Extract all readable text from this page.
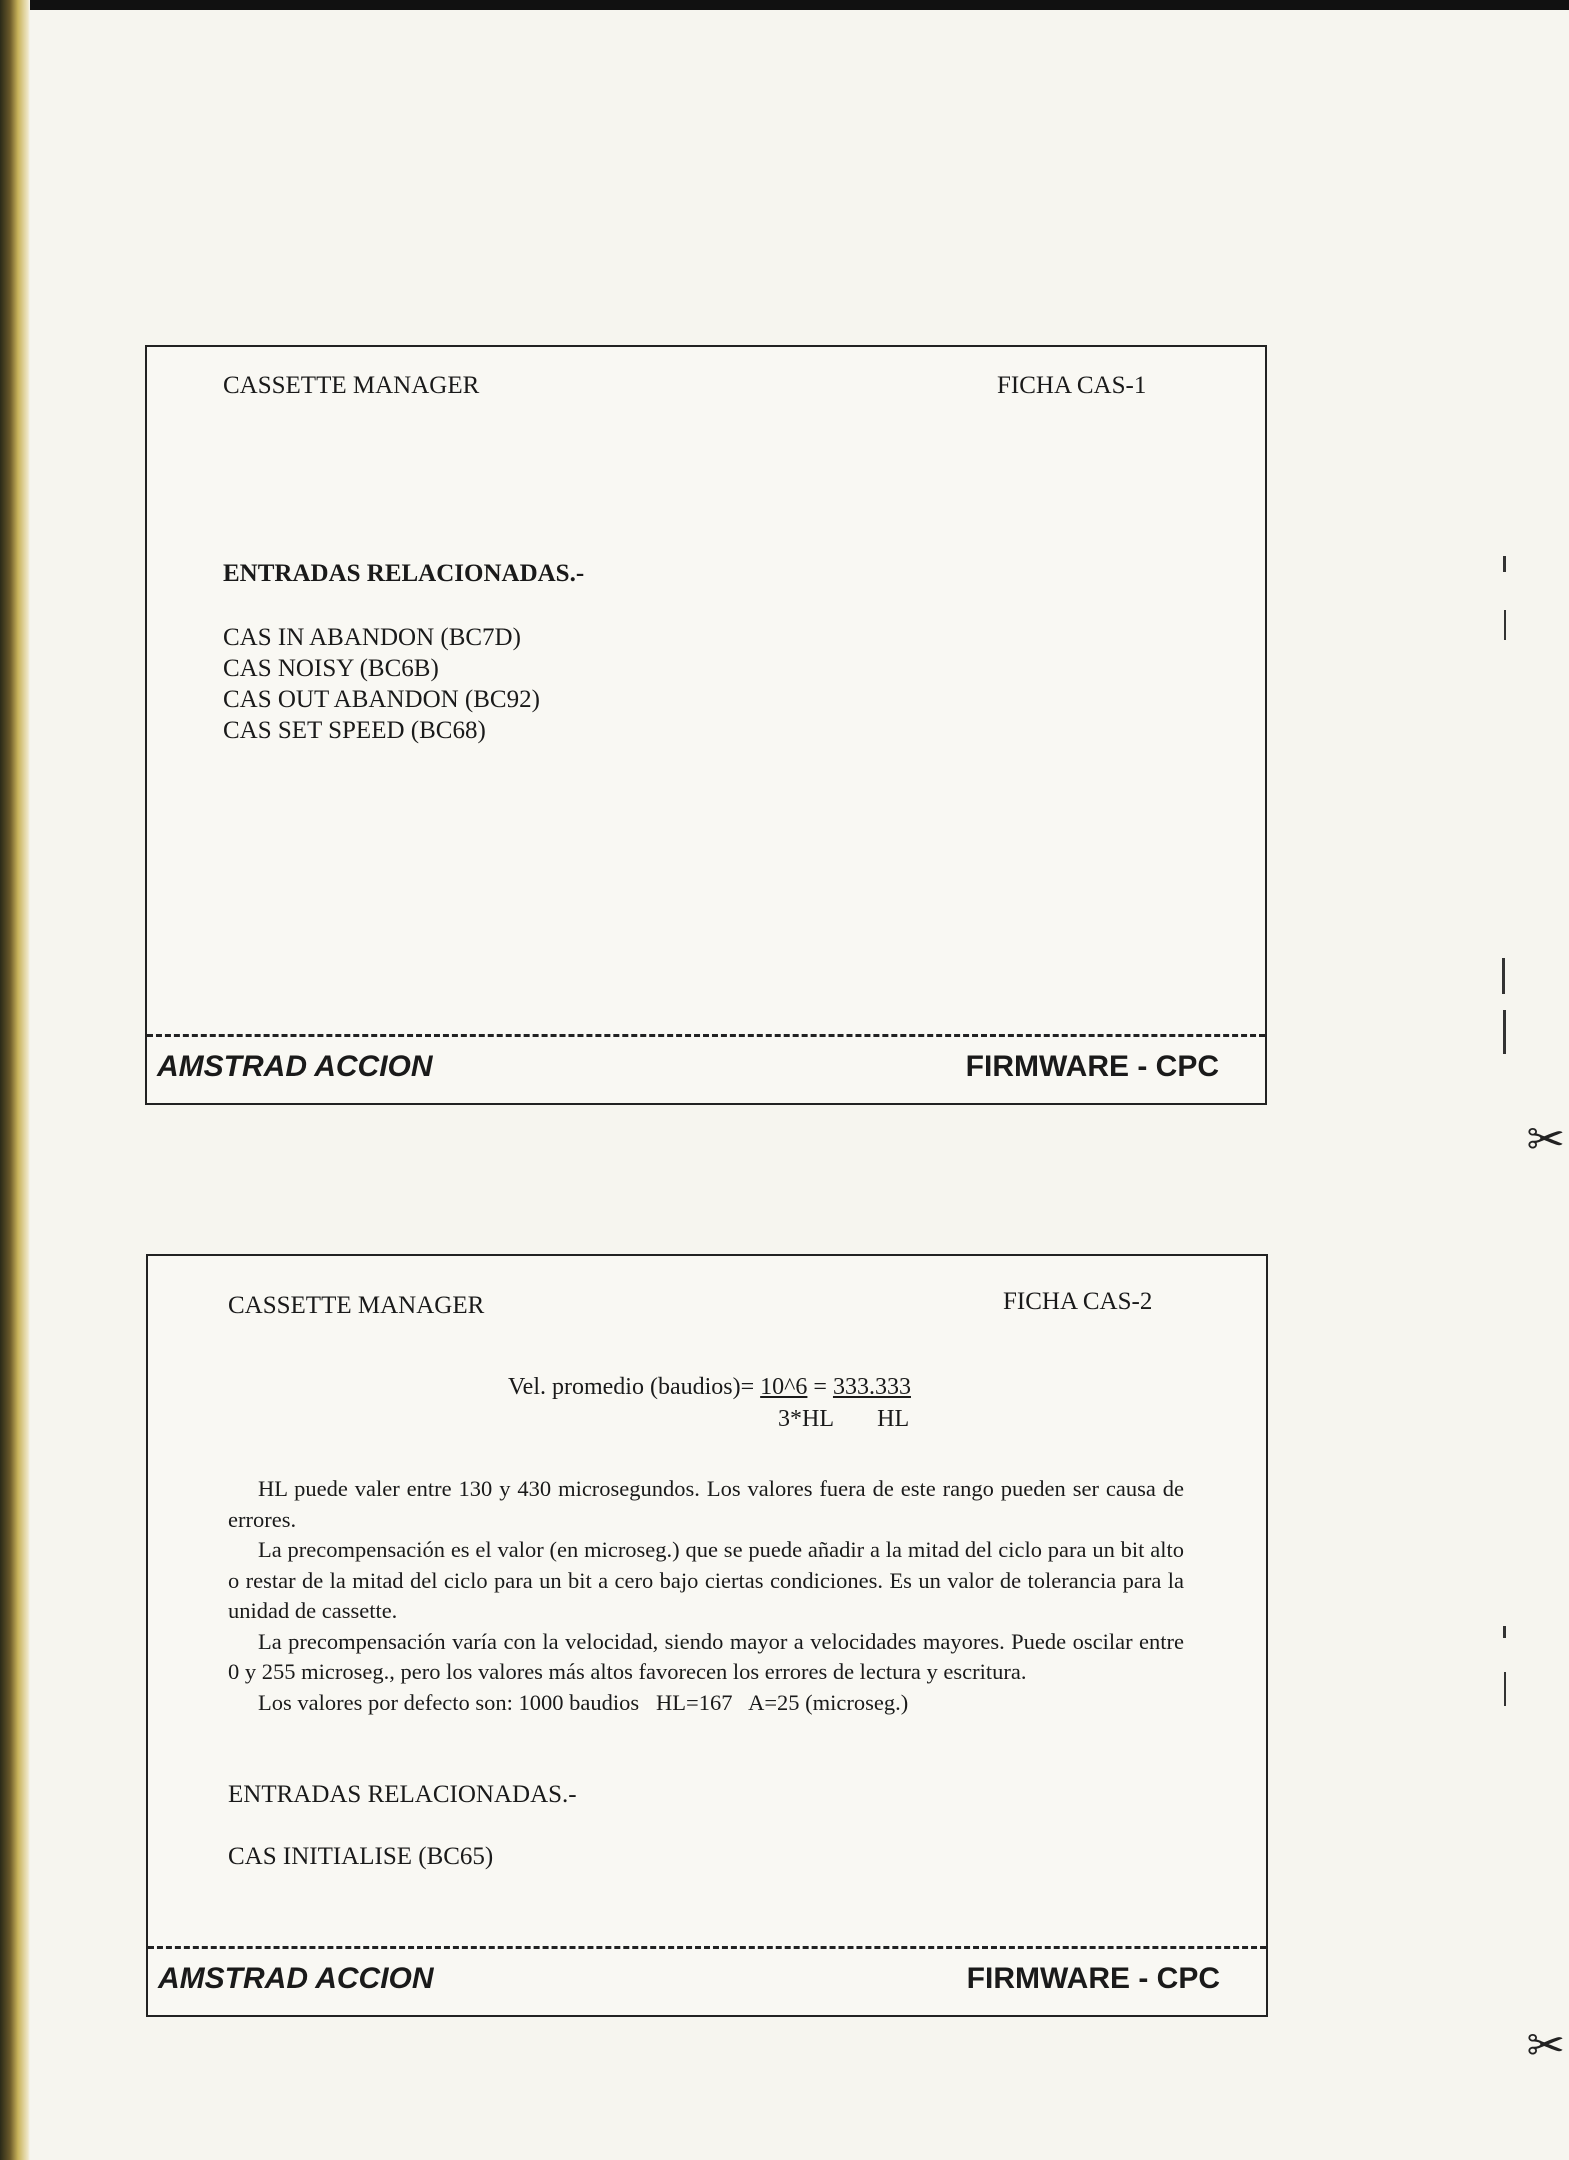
✂
✂
CASSETTE MANAGER	FICHA CAS-1
ENTRADAS RELACIONADAS.-
CAS IN ABANDON (BC7D)
CAS NOISY (BC6B)
CAS OUT ABANDON (BC92)
CAS SET SPEED (BC68)
AMSTRAD ACCION	FIRMWARE - CPC
CASSETTE MANAGER	FICHA CAS-2
Vel. promedio (baudios)= 10^6 = 333.333
3*HL HL

HL puede valer entre 130 y 430 microsegundos. Los valores fuera de este rango pueden ser causa de errores.

La precompensación es el valor (en microseg.) que se puede añadir a la mitad del ciclo para un bit alto o restar de la mitad del ciclo para un bit a cero bajo ciertas condiciones. Es un valor de tolerancia para la unidad de cassette.

La precompensación varía con la velocidad, siendo mayor a velocidades mayores. Puede oscilar entre 0 y 255 microseg., pero los valores más altos favorecen los errores de lectura y escritura.

Los valores por defecto son: 1000 baudios   HL=167   A=25 (microseg.)

ENTRADAS RELACIONADAS.-
CAS INITIALISE (BC65)
AMSTRAD ACCION	FIRMWARE - CPC
